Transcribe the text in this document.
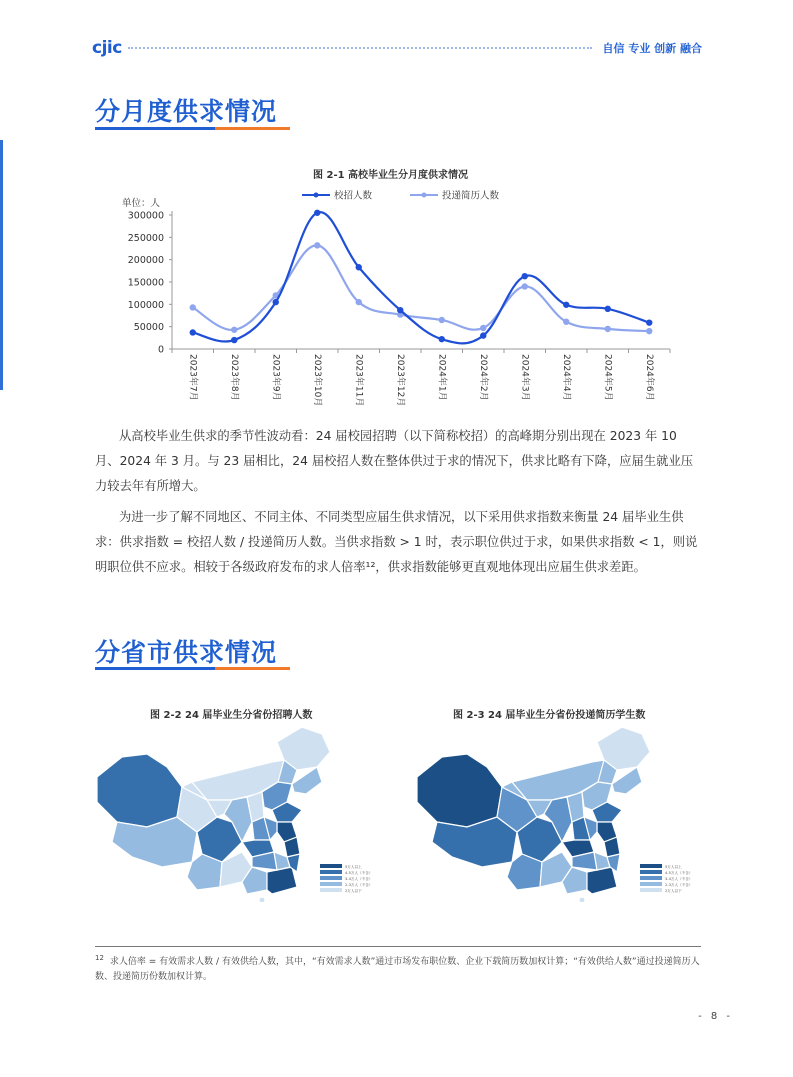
cjic	自信 专业 创新 融合
分月度供求情况
图 2-1 高校毕业生分月度供求情况
单位：人
校招人数	投递简历人数
300000
250000
200000
150000
100000
50000
0
2023年7月	2023年8月	2023年9月	2023年10月	2023年11月	2023年12月	2024年1月	2024年2月	2024年3月	2024年4月	2024年5月	2024年6月
从高校毕业生供求的季节性波动看：24 届校园招聘（以下简称校招）的高峰期分别出现在 2023 年 10 月、2024 年 3 月。与 23 届相比，24 届校招人数在整体供过于求的情况下，供求比略有下降，应届生就业压力较去年有所增大。
为进一步了解不同地区、不同主体、不同类型应届生供求情况，以下采用供求指数来衡量 24 届毕业生供求：供求指数 = 校招人数 / 投递简历人数。当供求指数 > 1 时，表示职位供过于求，如果供求指数 < 1，则说明职位供不应求。相较于各级政府发布的求人倍率¹²，供求指数能够更直观地体现出应届生供求差距。
分省市供求情况
图 2-2 24 届毕业生分省份招聘人数	图 2-3 24 届毕业生分省份投递简历学生数
5万人以上
4-5万人（不含）
3-4万人（不含）
2-3万人（不含）
2万人以下
5万人以上
4-5万人（不含）
3-4万人（不含）
2-3万人（不含）
2万人以下
$^{12}$ 求人倍率 = 有效需求人数 / 有效供给人数，其中，“有效需求人数”通过市场发布职位数、企业下载简历数加权计算；“有效供给人数”通过投递简历人数、投递简历份数加权计算。
- 8 -
